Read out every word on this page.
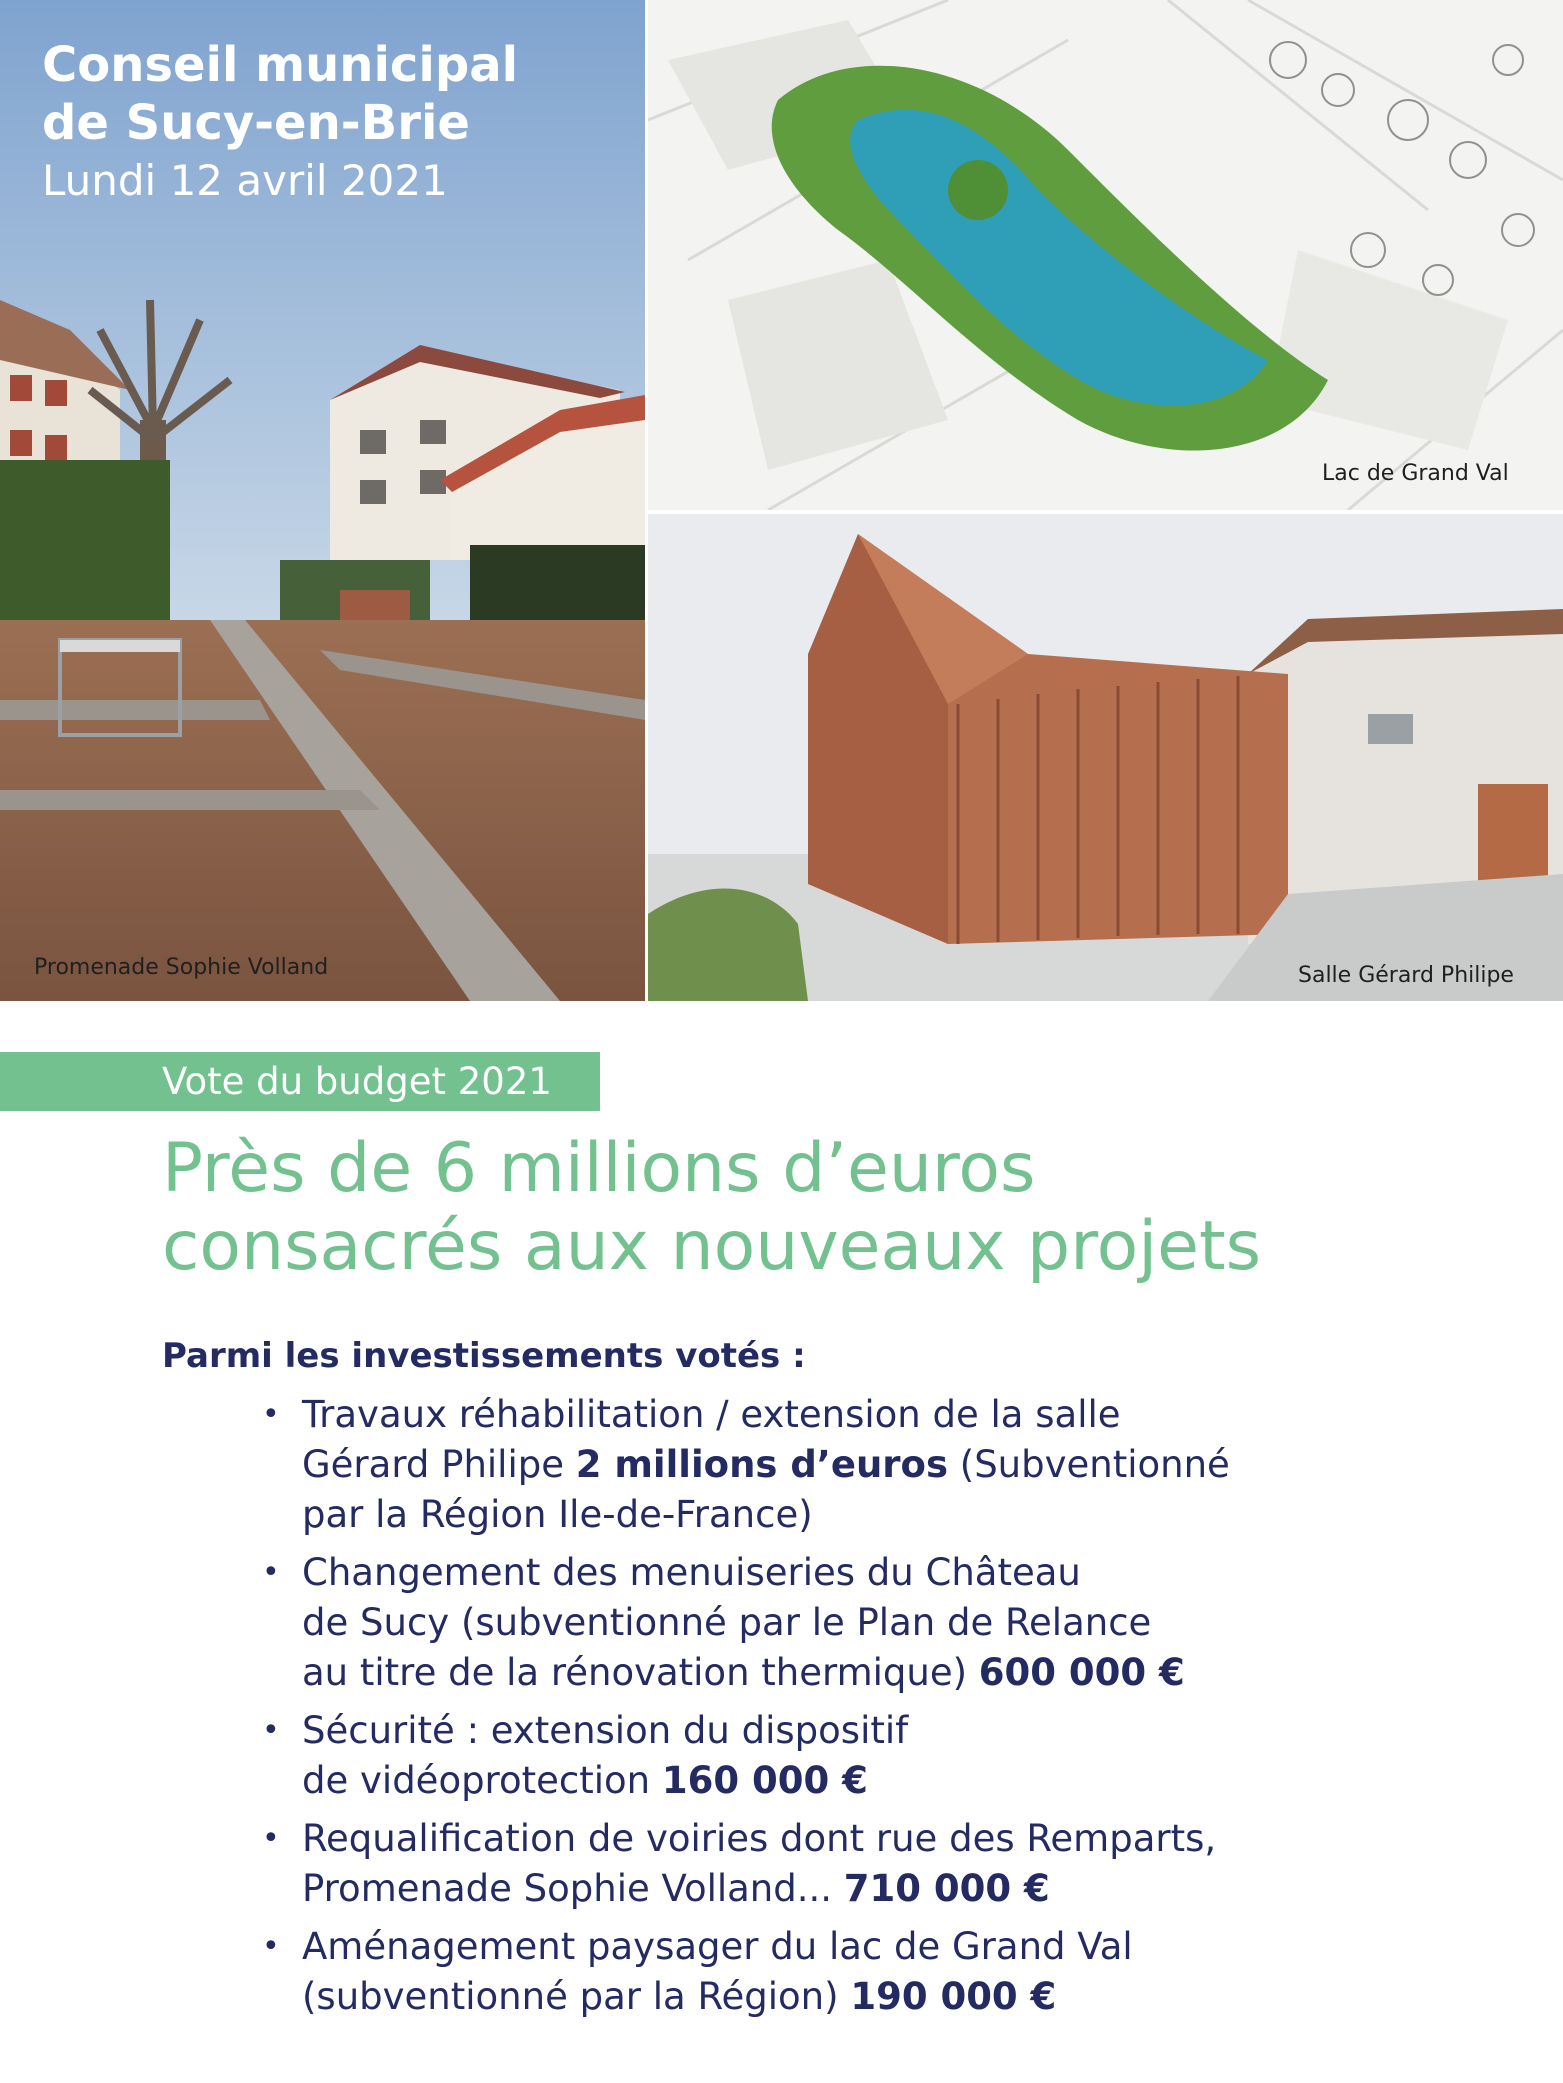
Promenade Sophie Volland
Conseil municipal
de Sucy-en-Brie
Lundi 12 avril 2021
Lac de Grand Val
Salle Gérard Philipe
Vote du budget 2021
Près de 6 millions d’euros
consacrés aux nouveaux projets
Parmi les investissements votés :
• Travaux réhabilitation / extension de la salle
Gérard Philipe 2 millions d’euros (Subventionné
par la Région Ile-de-France)
• Changement des menuiseries du Château
de Sucy (subventionné par le Plan de Relance
au titre de la rénovation thermique) 600 000 €
• Sécurité : extension du dispositif
de vidéoprotection 160 000 €
• Requalification de voiries dont rue des Remparts,
Promenade Sophie Volland... 710 000 €
• Aménagement paysager du lac de Grand Val
(subventionné par la Région) 190 000 €
